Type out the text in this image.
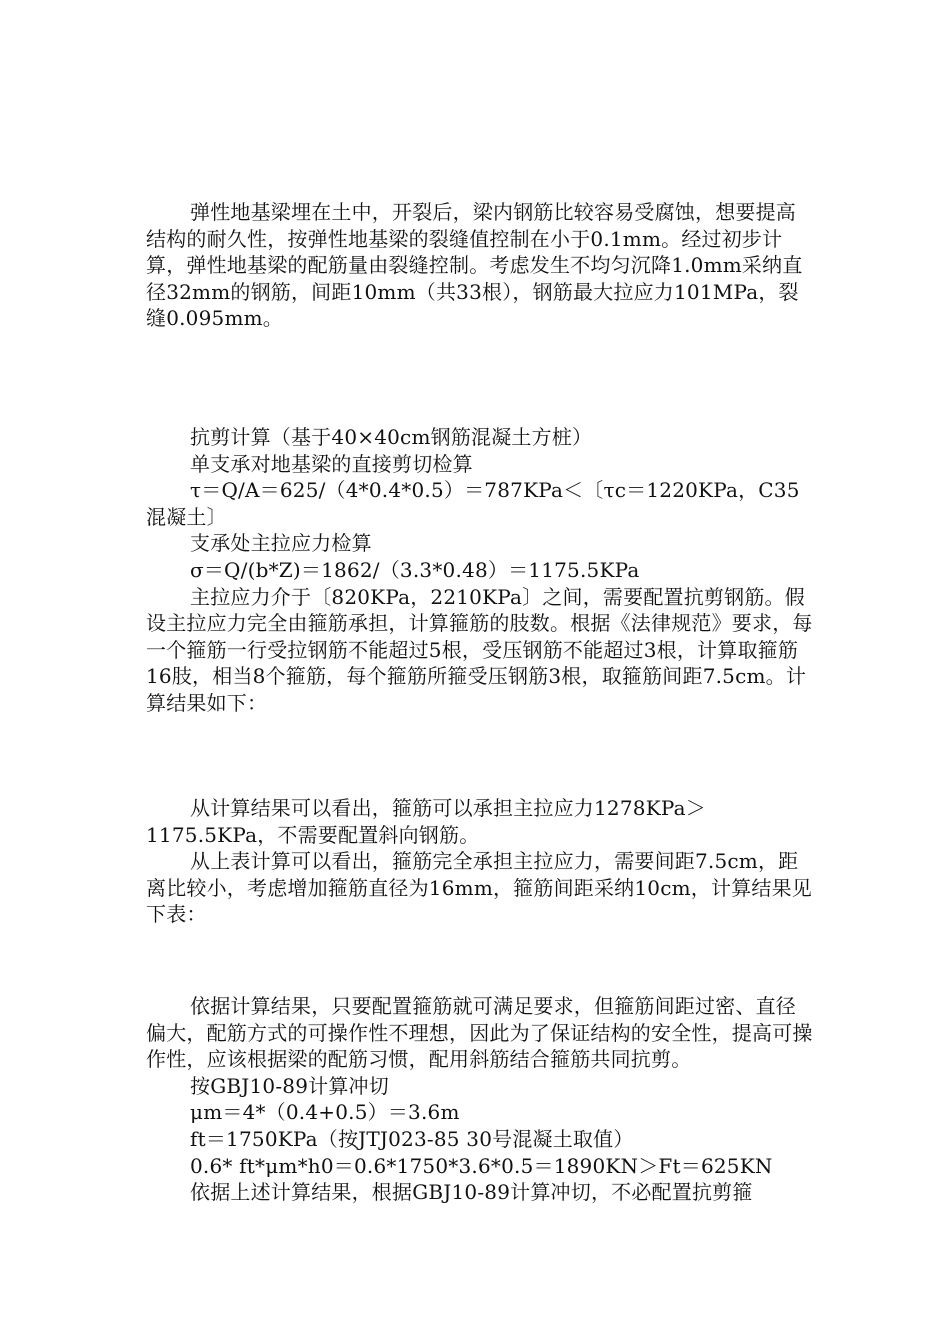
弹性地基梁埋在土中，开裂后，梁内钢筋比较容易受腐蚀，想要提高结构的耐久性，按弹性地基梁的裂缝值控制在小于0.1mm。经过初步计算，弹性地基梁的配筋量由裂缝控制。考虑发生不均匀沉降1.0mm采纳直径32mm的钢筋，间距10mm（共33根），钢筋最大拉应力101MPa，裂缝0.095mm。

抗剪计算（基于40×40cm钢筋混凝土方桩）

单支承对地基梁的直接剪切检算

τ＝Q/A＝625/（4*0.4*0.5）＝787KPa＜〔τc＝1220KPa，C35混凝土〕

支承处主拉应力检算

σ＝Q/(b*Z)＝1862/（3.3*0.48）＝1175.5KPa

主拉应力介于〔820KPa，2210KPa〕之间，需要配置抗剪钢筋。假设主拉应力完全由箍筋承担，计算箍筋的肢数。根据《法律规范》要求，每一个箍筋一行受拉钢筋不能超过5根，受压钢筋不能超过3根，计算取箍筋16肢，相当8个箍筋，每个箍筋所箍受压钢筋3根，取箍筋间距7.5cm。计算结果如下：

从计算结果可以看出，箍筋可以承担主拉应力1278KPa＞1175.5KPa，不需要配置斜向钢筋。

从上表计算可以看出，箍筋完全承担主拉应力，需要间距7.5cm，距离比较小，考虑增加箍筋直径为16mm，箍筋间距采纳10cm，计算结果见下表：

依据计算结果，只要配置箍筋就可满足要求，但箍筋间距过密、直径偏大，配筋方式的可操作性不理想，因此为了保证结构的安全性，提高可操作性，应该根据梁的配筋习惯，配用斜筋结合箍筋共同抗剪。

按GBJ10-89计算冲切

μm＝4*（0.4+0.5）＝3.6m

ft＝1750KPa（按JTJ023-85 30号混凝土取值）

0.6* ft*μm*h0＝0.6*1750*3.6*0.5＝1890KN＞Ft＝625KN

依据上述计算结果，根据GBJ10-89计算冲切，不必配置抗剪箍
